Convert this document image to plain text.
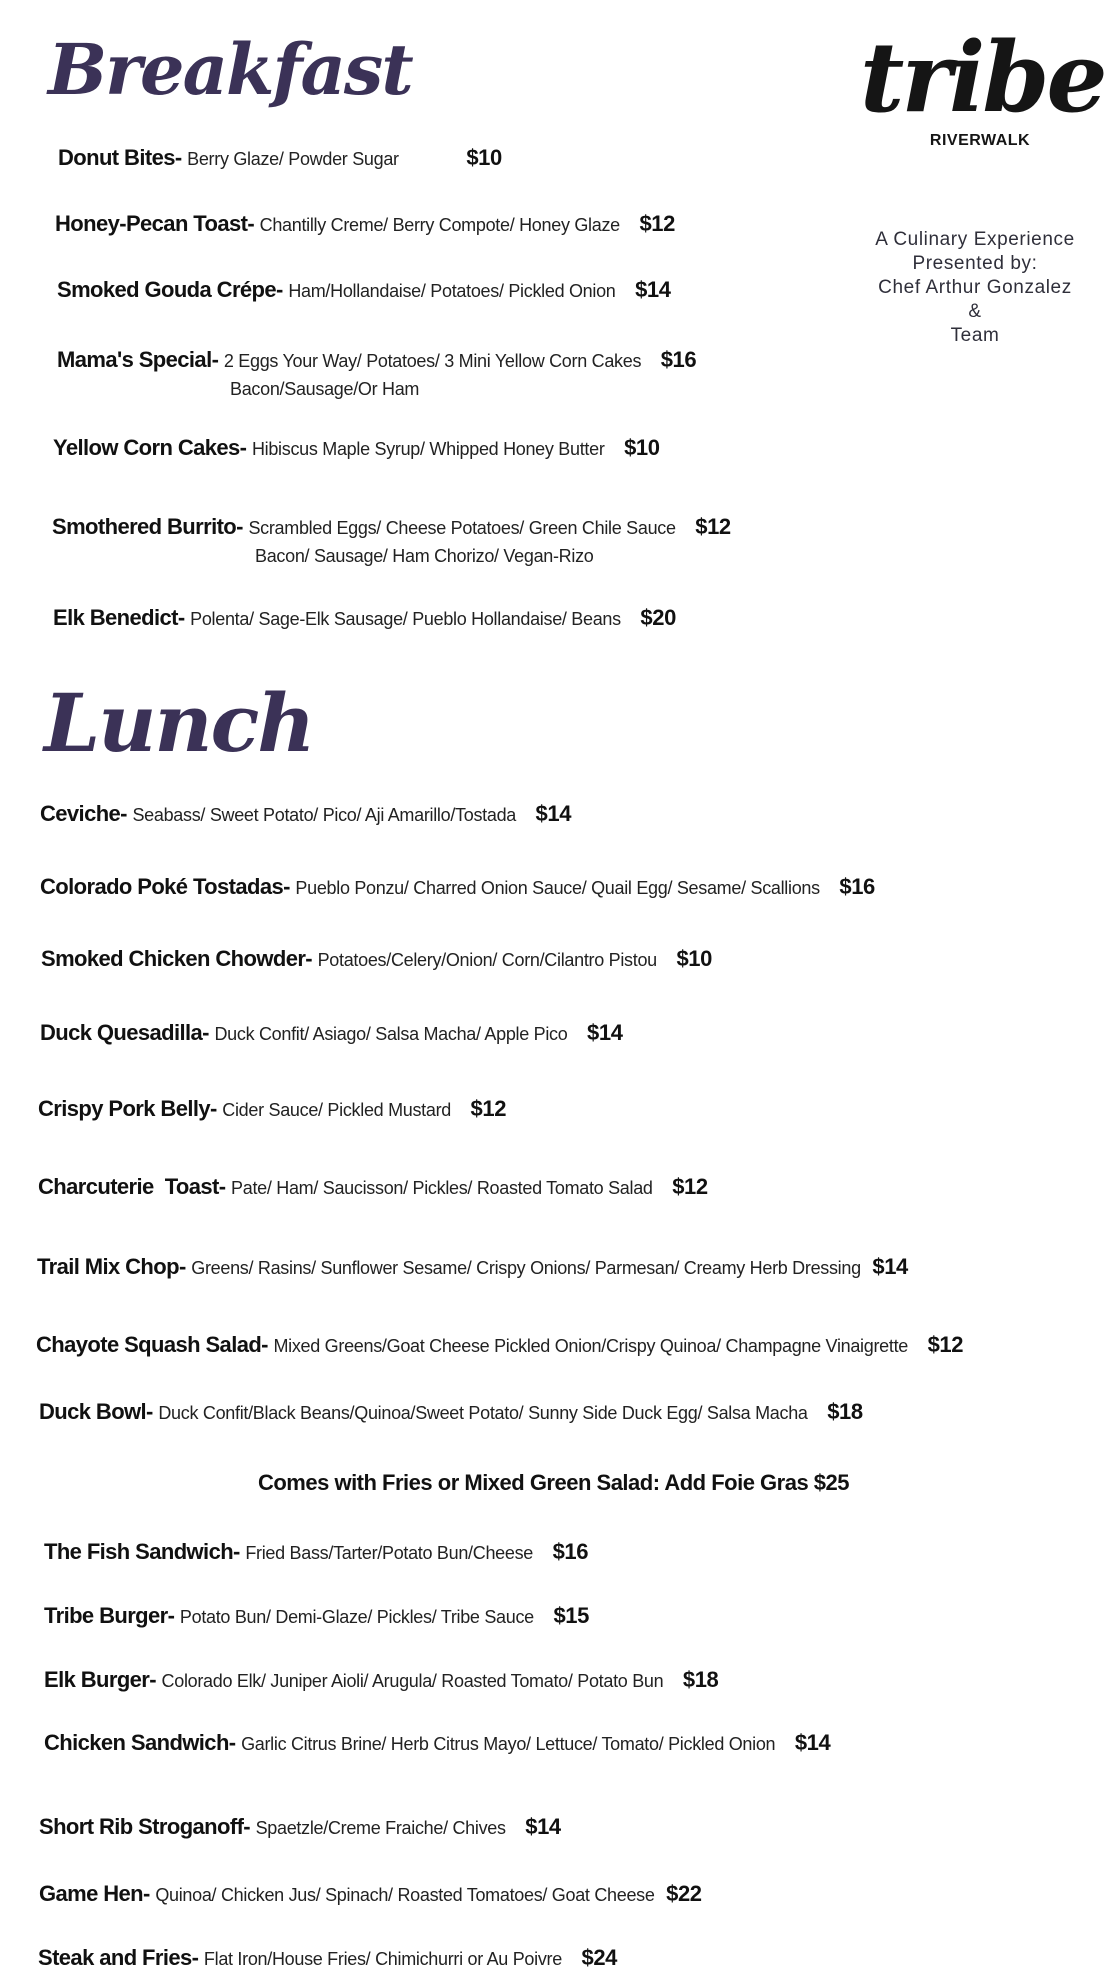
Breakfast
Donut Bites- Berry Glaze/ Powder Sugar	$10
Honey-Pecan Toast- Chantilly Creme/ Berry Compote/ Honey Glaze $12
Smoked Gouda Crépe- Ham/Hollandaise/ Potatoes/ Pickled Onion $14
Mama's Special- 2 Eggs Your Way/ Potatoes/ 3 Mini Yellow Corn Cakes $16
Bacon/Sausage/Or Ham
Yellow Corn Cakes- Hibiscus Maple Syrup/ Whipped Honey Butter $10
Smothered Burrito- Scrambled Eggs/ Cheese Potatoes/ Green Chile Sauce $12
Bacon/ Sausage/ Ham Chorizo/ Vegan-Rizo
Elk Benedict- Polenta/ Sage-Elk Sausage/ Pueblo Hollandaise/ Beans $20
tribe
RIVERWALK
A Culinary Experience
Presented by:
Chef Arthur Gonzalez
&
Team
Lunch
Ceviche- Seabass/ Sweet Potato/ Pico/ Aji Amarillo/Tostada $14
Colorado Poké Tostadas- Pueblo Ponzu/ Charred Onion Sauce/ Quail Egg/ Sesame/ Scallions $16
Smoked Chicken Chowder- Potatoes/Celery/Onion/ Corn/Cilantro Pistou $10
Duck Quesadilla- Duck Confit/ Asiago/ Salsa Macha/ Apple Pico $14
Crispy Pork Belly- Cider Sauce/ Pickled Mustard $12
Charcuterie  Toast- Pate/ Ham/ Saucisson/ Pickles/ Roasted Tomato Salad $12
Trail Mix Chop- Greens/ Rasins/ Sunflower Sesame/ Crispy Onions/ Parmesan/ Creamy Herb Dressing $14
Chayote Squash Salad- Mixed Greens/Goat Cheese Pickled Onion/Crispy Quinoa/ Champagne Vinaigrette $12
Duck Bowl- Duck Confit/Black Beans/Quinoa/Sweet Potato/ Sunny Side Duck Egg/ Salsa Macha $18
Comes with Fries or Mixed Green Salad: Add Foie Gras $25
The Fish Sandwich- Fried Bass/Tarter/Potato Bun/Cheese $16
Tribe Burger- Potato Bun/ Demi-Glaze/ Pickles/ Tribe Sauce $15
Elk Burger- Colorado Elk/ Juniper Aioli/ Arugula/ Roasted Tomato/ Potato Bun $18
Chicken Sandwich- Garlic Citrus Brine/ Herb Citrus Mayo/ Lettuce/ Tomato/ Pickled Onion $14
Short Rib Stroganoff- Spaetzle/Creme Fraiche/ Chives $14
Game Hen- Quinoa/ Chicken Jus/ Spinach/ Roasted Tomatoes/ Goat Cheese $22
Steak and Fries- Flat Iron/House Fries/ Chimichurri or Au Poivre $24
